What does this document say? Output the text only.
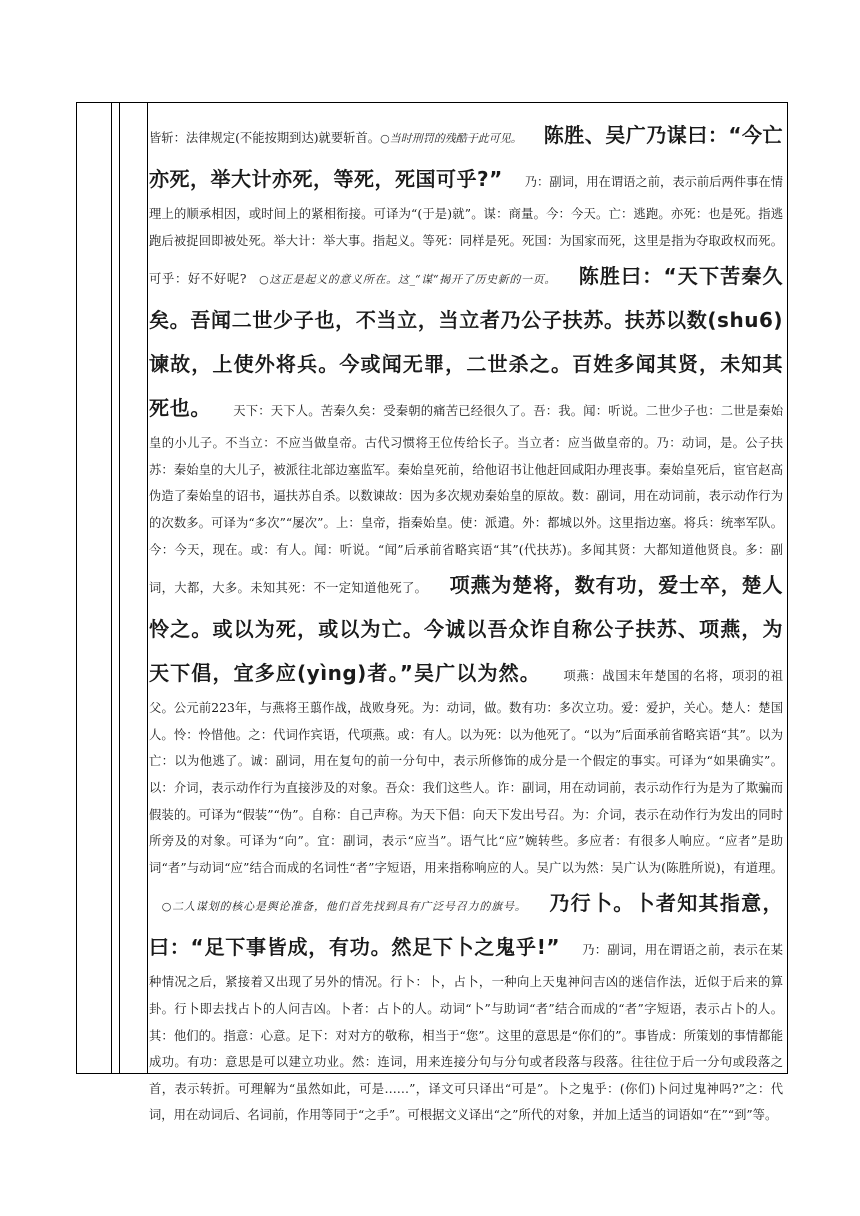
皆斩：法律规定(不能按期到达)就要斩首。○当时刑罚的残酷于此可见。 陈胜、吴广乃谋曰：“今亡亦死，举大计亦死，等死，死国可乎?” 乃：副词，用在谓语之前，表示前后两件事在情理上的顺承相因，或时间上的紧相衔接。可译为“(于是)就”。谋：商量。今：今天。亡：逃跑。亦死：也是死。指逃跑后被捉回即被处死。举大计：举大事。指起义。等死：同样是死。死国：为国家而死，这里是指为夺取政权而死。可乎：好不好呢? ○这正是起义的意义所在。这_“谋“揭开了历史新的一页。 陈胜曰：“天下苦秦久矣。吾闻二世少子也，不当立，当立者乃公子扶苏。扶苏以数(shu6)谏故，上使外将兵。今或闻无罪，二世杀之。百姓多闻其贤，未知其死也。 天下：天下人。苦秦久矣：受秦朝的痛苦已经很久了。吾：我。闻：听说。二世少子也：二世是秦始皇的小儿子。不当立：不应当做皇帝。古代习惯将王位传给长子。当立者：应当做皇帝的。乃：动词，是。公子扶苏：秦始皇的大儿子，被派往北部边塞监军。秦始皇死前，给他诏书让他赶回咸阳办理丧事。秦始皇死后，宦官赵高伪造了秦始皇的诏书，逼扶苏自杀。以数谏故：因为多次规劝秦始皇的原故。数：副词，用在动词前，表示动作行为的次数多。可译为“多次”“屡次”。上：皇帝，指秦始皇。使：派遣。外：都城以外。这里指边塞。将兵：统率军队。今：今天，现在。或：有人。闻：听说。“闻”后承前省略宾语“其”(代扶苏)。多闻其贤：大都知道他贤良。多：副词，大都，大多。未知其死：不一定知道他死了。 项燕为楚将，数有功，爱士卒，楚人怜之。或以为死，或以为亡。今诚以吾众诈自称公子扶苏、项燕，为天下倡，宜多应(yìng)者。”吴广以为然。 项燕：战国末年楚国的名将，项羽的祖父。公元前223年，与燕将王翦作战，战败身死。为：动词，做。数有功：多次立功。爱：爱护，关心。楚人：楚国人。怜：怜惜他。之：代词作宾语，代项燕。或：有人。以为死：以为他死了。“以为”后面承前省略宾语“其”。以为亡：以为他逃了。诚：副词，用在复句的前一分句中，表示所修饰的成分是一个假定的事实。可译为“如果确实”。以：介词，表示动作行为直接涉及的对象。吾众：我们这些人。诈：副词，用在动词前，表示动作行为是为了欺骗而假装的。可译为“假装”“伪”。自称：自己声称。为天下倡：向天下发出号召。为：介词，表示在动作行为发出的同时所旁及的对象。可译为“向”。宜：副词，表示“应当”。语气比“应”婉转些。多应者：有很多人响应。“应者”是助词“者”与动词“应”结合而成的名词性“者”字短语，用来指称响应的人。吴广以为然：吴广认为(陈胜所说)，有道理。○二人谋划的核心是舆论准备，他们首先找到具有广泛号召力的旗号。 乃行卜。卜者知其指意，曰：“足下事皆成，有功。然足下卜之鬼乎!” 乃：副词，用在谓语之前，表示在某种情况之后，紧接着又出现了另外的情况。行卜：卜，占卜，一种向上天鬼神问吉凶的迷信作法，近似于后来的算卦。行卜即去找占卜的人问吉凶。卜者：占卜的人。动词“卜”与助词“者”结合而成的“者”字短语，表示占卜的人。其：他们的。指意：心意。足下：对对方的敬称，相当于“您”。这里的意思是“你们的”。事皆成：所策划的事情都能成功。有功：意思是可以建立功业。然：连词，用来连接分句与分句或者段落与段落。往往位于后一分句或段落之首，表示转折。可理解为“虽然如此，可是……”，译文可只译出“可是”。卜之鬼乎：(你们)卜问过鬼神吗?”之：代词，用在动词后、名词前，作用等同于“之手”。可根据文义译出“之”所代的对象，并加上适当的词语如“在”“到”等。
